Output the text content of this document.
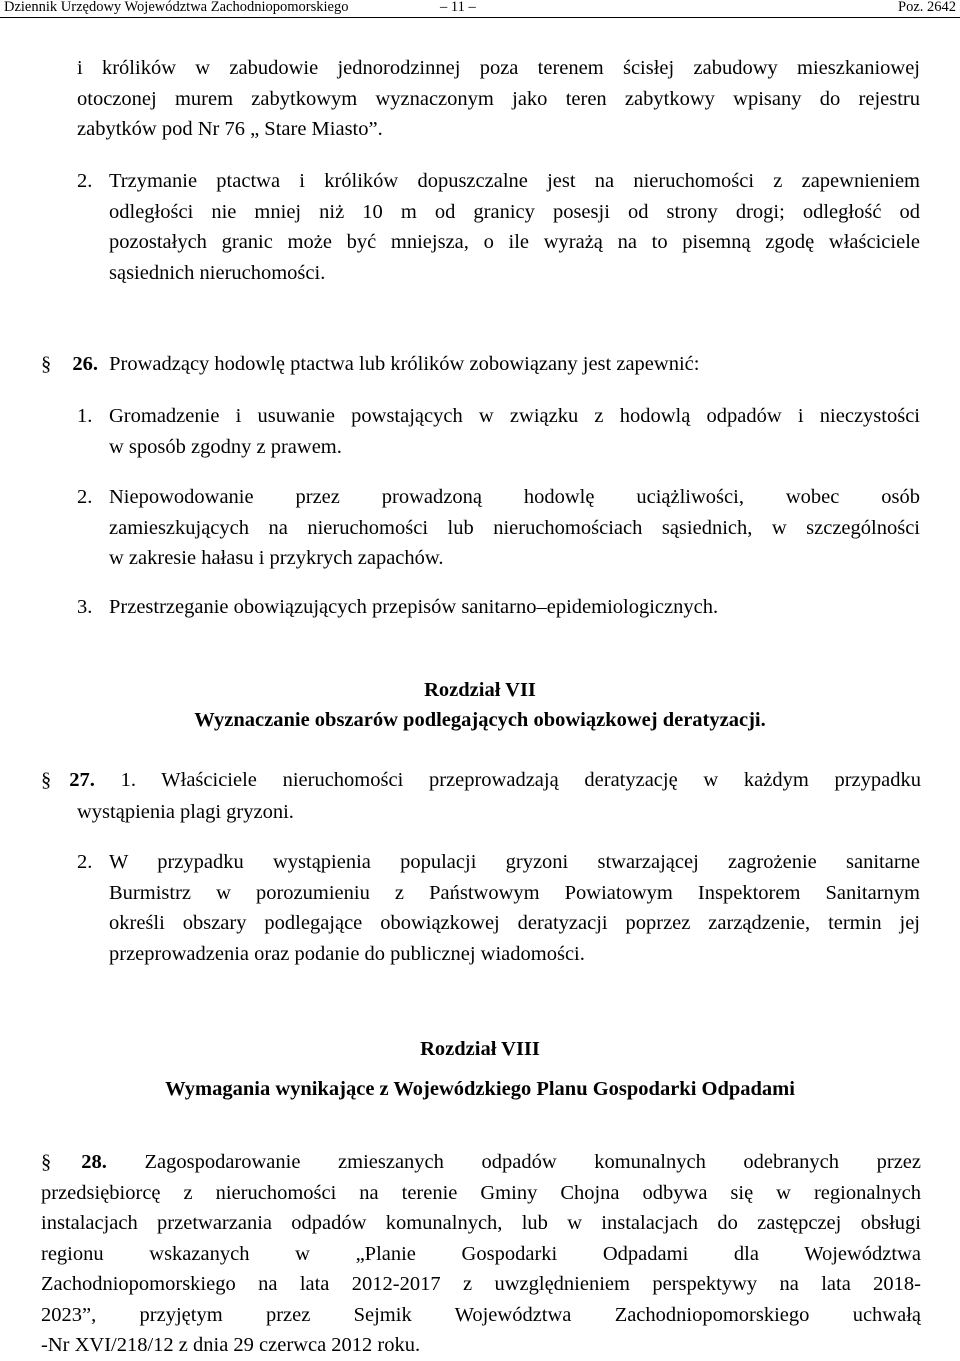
Dziennik Urzędowy Województwa Zachodniopomorskiego	– 11 –	Poz. 2642
i królików w zabudowie jednorodzinnej poza terenem ścisłej zabudowy mieszkaniowej
otoczonej murem zabytkowym wyznaczonym jako teren zabytkowy wpisany do rejestru
zabytków pod Nr 76 „ Stare Miasto”.
2. Trzymanie ptactwa i królików dopuszczalne jest na nieruchomości z zapewnieniem
odległości nie mniej niż 10 m od granicy posesji od strony drogi; odległość od
pozostałych granic może być mniejsza, o ile wyrażą na to pisemną zgodę właściciele
sąsiednich nieruchomości.
§ 26. Prowadzący hodowlę ptactwa lub królików zobowiązany jest zapewnić:
1. Gromadzenie i usuwanie powstających w związku z hodowlą odpadów i nieczystości
w sposób zgodny z prawem.
2. Niepowodowanie przez prowadzoną hodowlę uciążliwości, wobec osób
zamieszkujących na nieruchomości lub nieruchomościach sąsiednich, w szczególności
w zakresie hałasu i przykrych zapachów.
3. Przestrzeganie obowiązujących przepisów sanitarno–epidemiologicznych.
Rozdział VII
Wyznaczanie obszarów podlegających obowiązkowej deratyzacji.
§ 27. 1. Właściciele nieruchomości przeprowadzają deratyzację w każdym przypadku
wystąpienia plagi gryzoni.
2. W przypadku wystąpienia populacji gryzoni stwarzającej zagrożenie sanitarne
Burmistrz w porozumieniu z Państwowym Powiatowym Inspektorem Sanitarnym
określi obszary podlegające obowiązkowej deratyzacji poprzez zarządzenie, termin jej
przeprowadzenia oraz podanie do publicznej wiadomości.
Rozdział VIII
Wymagania wynikające z Wojewódzkiego Planu Gospodarki Odpadami
§ 28. Zagospodarowanie zmieszanych odpadów komunalnych odebranych przez
przedsiębiorcę z nieruchomości na terenie Gminy Chojna odbywa się w regionalnych
instalacjach przetwarzania odpadów komunalnych, lub w instalacjach do zastępczej obsługi
regionu wskazanych w „Planie Gospodarki Odpadami dla Województwa
Zachodniopomorskiego na lata 2012-2017 z uwzględnieniem perspektywy na lata 2018-
2023”, przyjętym przez Sejmik Województwa Zachodniopomorskiego uchwałą
-Nr XVI/218/12 z dnia 29 czerwca 2012 roku.
